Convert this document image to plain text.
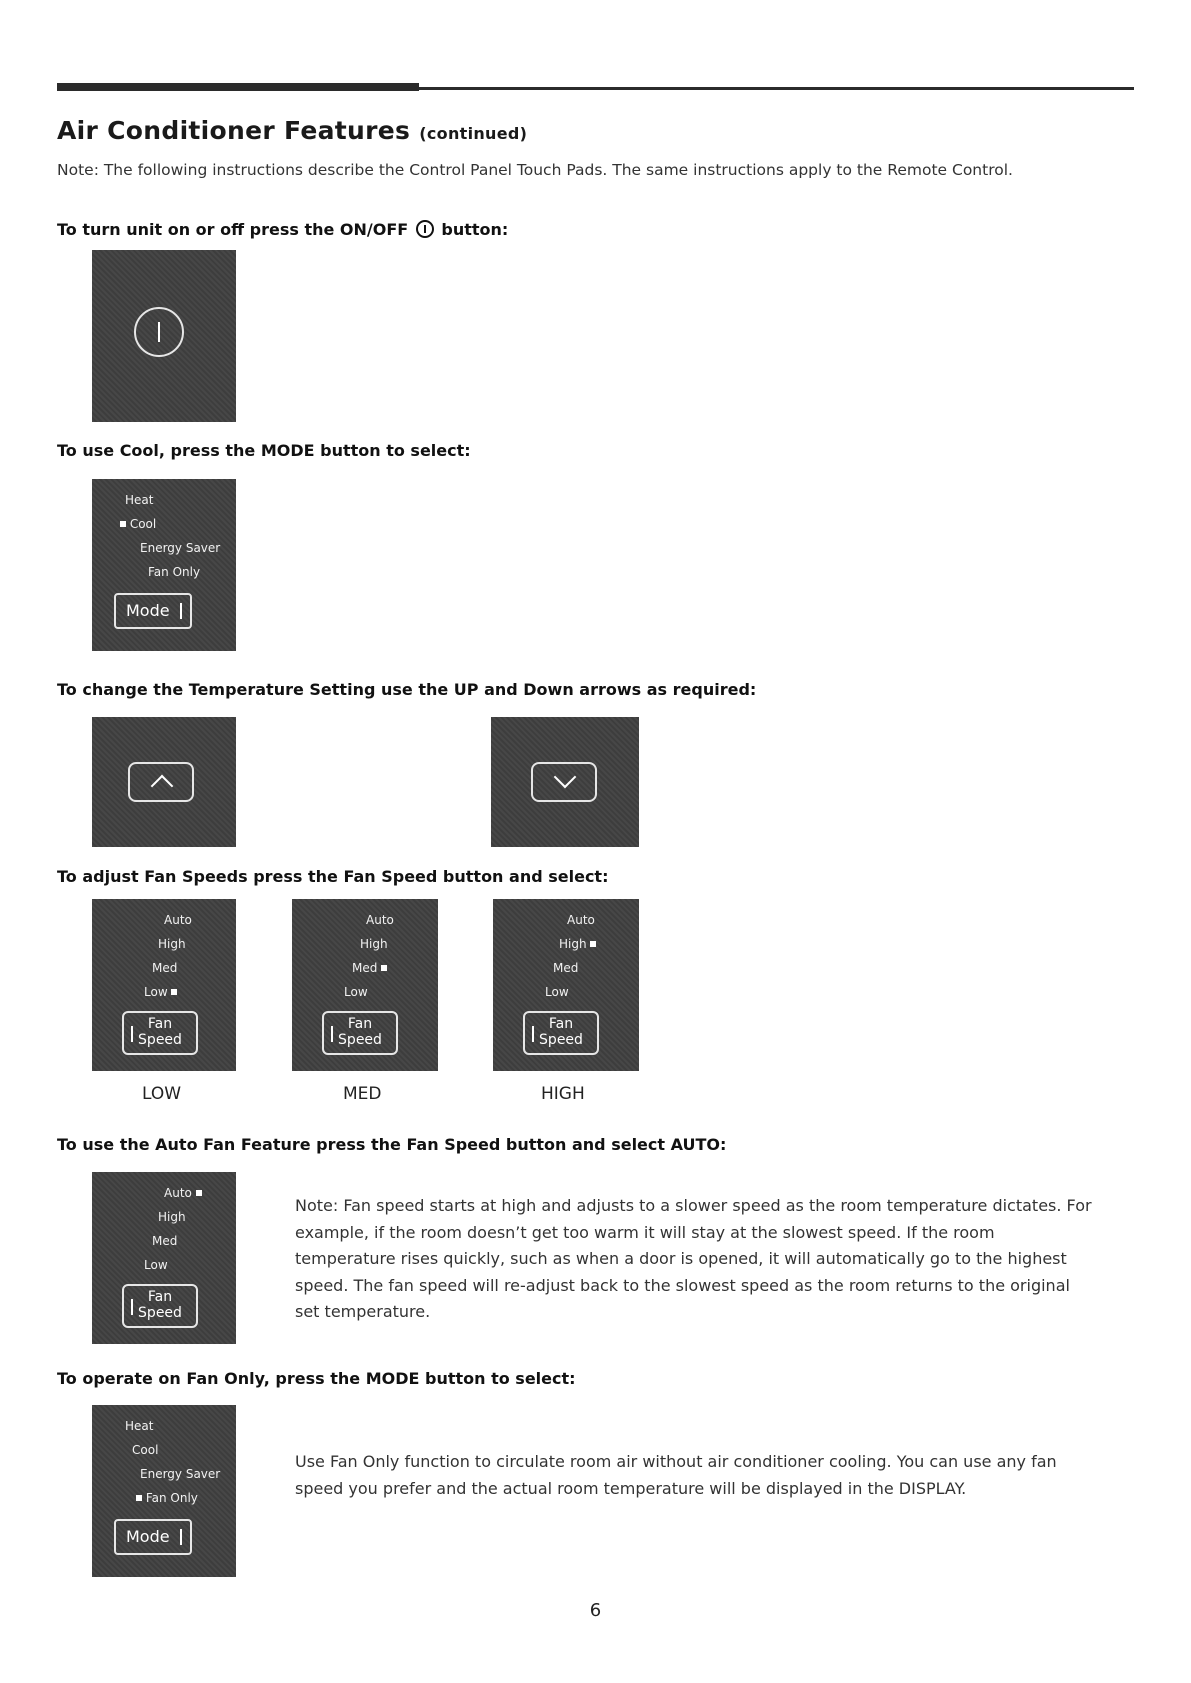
Air Conditioner Features (continued)
Note: The following instructions describe the Control Panel Touch Pads. The same instructions apply to the Remote Control.
To turn unit on or off press the ON/OFF button:
To use Cool, press the MODE button to select:
Heat
Cool
Energy Saver
Fan Only
Mode
To change the Temperature Setting use the UP and Down arrows as required:
To adjust Fan Speeds press the Fan Speed button and select:
Auto
High
Med
Low
Fan
Speed
Auto
High
Med
Low
Fan
Speed
Auto
High
Med
Low
Fan
Speed
LOW	MED	HIGH
To use the Auto Fan Feature press the Fan Speed button and select AUTO:
Auto
High
Med
Low
Fan
Speed
Note: Fan speed starts at high and adjusts to a slower speed as the room temperature dictates. For example, if the room doesn’t get too warm it will stay at the slowest speed. If the room temperature rises quickly, such as when a door is opened, it will automatically go to the highest speed. The fan speed will re-adjust back to the slowest speed as the room returns to the original set temperature.
To operate on Fan Only, press the MODE button to select:
Heat
Cool
Energy Saver
Fan Only
Mode
Use Fan Only function to circulate room air without air conditioner cooling. You can use any fan speed you prefer and the actual room temperature will be displayed in the DISPLAY.
6
